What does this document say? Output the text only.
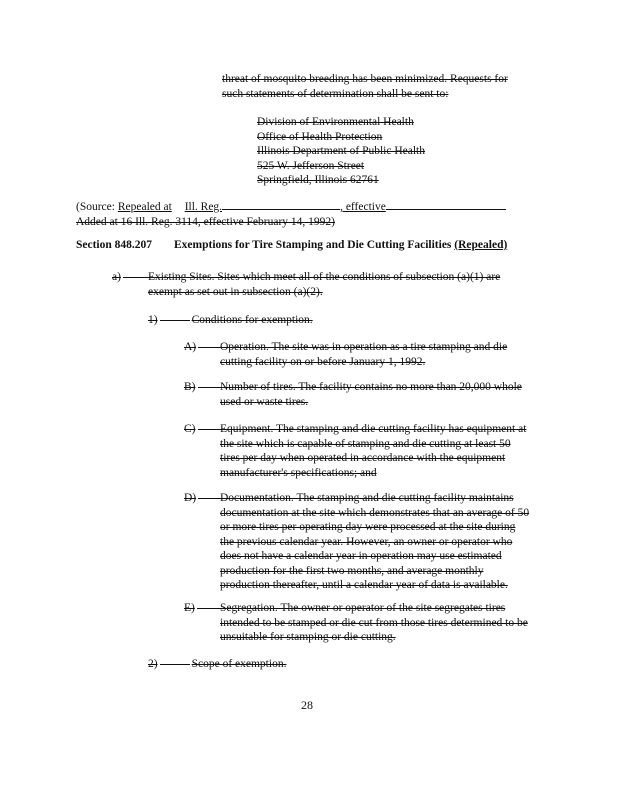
threat of mosquito breeding has been minimized. Requests for
such statements of determination shall be sent to:
Division of Environmental Health
Office of Health Protection
Illinois Department of Public Health
525 W. Jefferson Street
Springfield, Illinois 62761
(Source: Repealed at Ill. Reg.	, effective
Added at 16 Ill. Reg. 3114, effective February 14, 1992)
Section 848.207 Exemptions for Tire Stamping and Die Cutting Facilities (Repealed)
a)	Existing Sites. Sites which meet all of the conditions of subsection (a)(1) are
exempt as set out in subsection (a)(2).
1)	Conditions for exemption.
A)	Operation. The site was in operation as a tire stamping and die
cutting facility on or before January 1, 1992.
B)	Number of tires. The facility contains no more than 20,000 whole
used or waste tires.
C)	Equipment. The stamping and die cutting facility has equipment at
the site which is capable of stamping and die cutting at least 50
tires per day when operated in accordance with the equipment
manufacturer's specifications; and
D)	Documentation. The stamping and die cutting facility maintains
documentation at the site which demonstrates that an average of 50
or more tires per operating day were processed at the site during
the previous calendar year. However, an owner or operator who
does not have a calendar year in operation may use estimated
production for the first two months, and average monthly
production thereafter, until a calendar year of data is available.
E)	Segregation. The owner or operator of the site segregates tires
intended to be stamped or die cut from those tires determined to be
unsuitable for stamping or die cutting.
2)	Scope of exemption.
28
